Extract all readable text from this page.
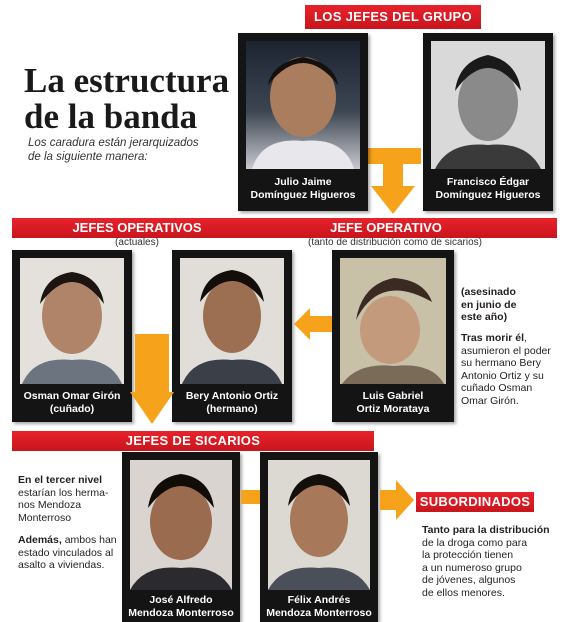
La estructura
de la banda
Los caradura están jerarquizados
de la siguiente manera:
LOS JEFES DEL GRUPO
Julio Jaime
Domínguez Higueros
Francisco Édgar
Domínguez Higueros
JEFES OPERATIVOS	JEFE OPERATIVO
(actuales)	(tanto de distribución como de sicarios)
Osman Omar Girón
(cuñado)
Bery Antonio Ortiz
(hermano)
Luis Gabriel
Ortiz Morataya
(asesinado
en junio de
este año)
Tras morir él,
asumieron el poder
su hermano Bery
Antonio Ortiz y su
cuñado Osman
Omar Girón.
JEFES DE SICARIOS
En el tercer nivel
estarían los herma-
nos Mendoza
Monterroso
Además, ambos han
estado vinculados al
asalto a viviendas.
José Alfredo
Mendoza Monterroso
Félix Andrés
Mendoza Monterroso
SUBORDINADOS
Tanto para la distribución
de la droga como para
la protección tienen
a un numeroso grupo
de jóvenes, algunos
de ellos menores.
